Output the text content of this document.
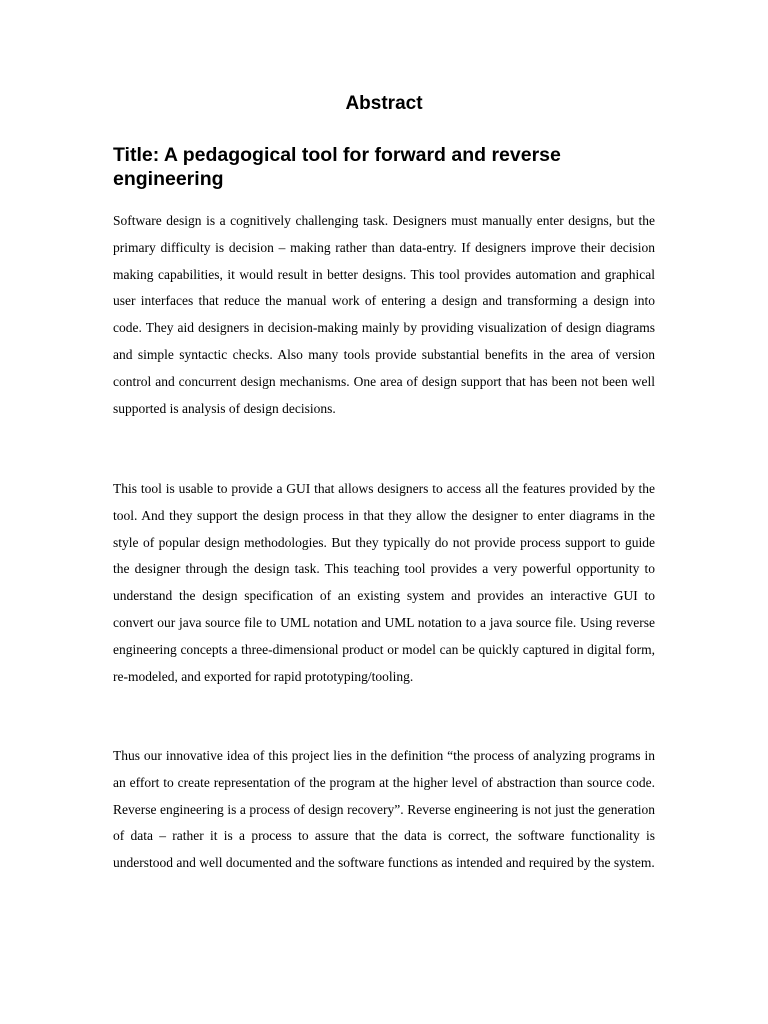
Abstract
Title: A pedagogical tool for forward and reverse engineering

Software design is a cognitively challenging task. Designers must manually enter designs, but the primary difficulty is decision – making rather than data-entry. If designers improve their decision making capabilities, it would result in better designs. This tool provides automation and graphical user interfaces that reduce the manual work of entering a design and transforming a design into code. They aid designers in decision-making mainly by providing visualization of design diagrams and simple syntactic checks. Also many tools provide substantial benefits in the area of version control and concurrent design mechanisms. One area of design support that has been not been well supported is analysis of design decisions.

This tool is usable to provide a GUI that allows designers to access all the features provided by the tool. And they support the design process in that they allow the designer to enter diagrams in the style of popular design methodologies. But they typically do not provide process support to guide the designer through the design task. This teaching tool provides a very powerful opportunity to understand the design specification of an existing system and provides an interactive GUI to convert our java source file to UML notation and UML notation to a java source file. Using reverse engineering concepts a three-dimensional product or model can be quickly captured in digital form, re-modeled, and exported for rapid prototyping/tooling.

Thus our innovative idea of this project lies in the definition “the process of analyzing programs in an effort to create representation of the program at the higher level of abstraction than source code. Reverse engineering is a process of design recovery”. Reverse engineering is not just the generation of data – rather it is a process to assure that the data is correct, the software functionality is understood and well documented and the software functions as intended and required by the system.
